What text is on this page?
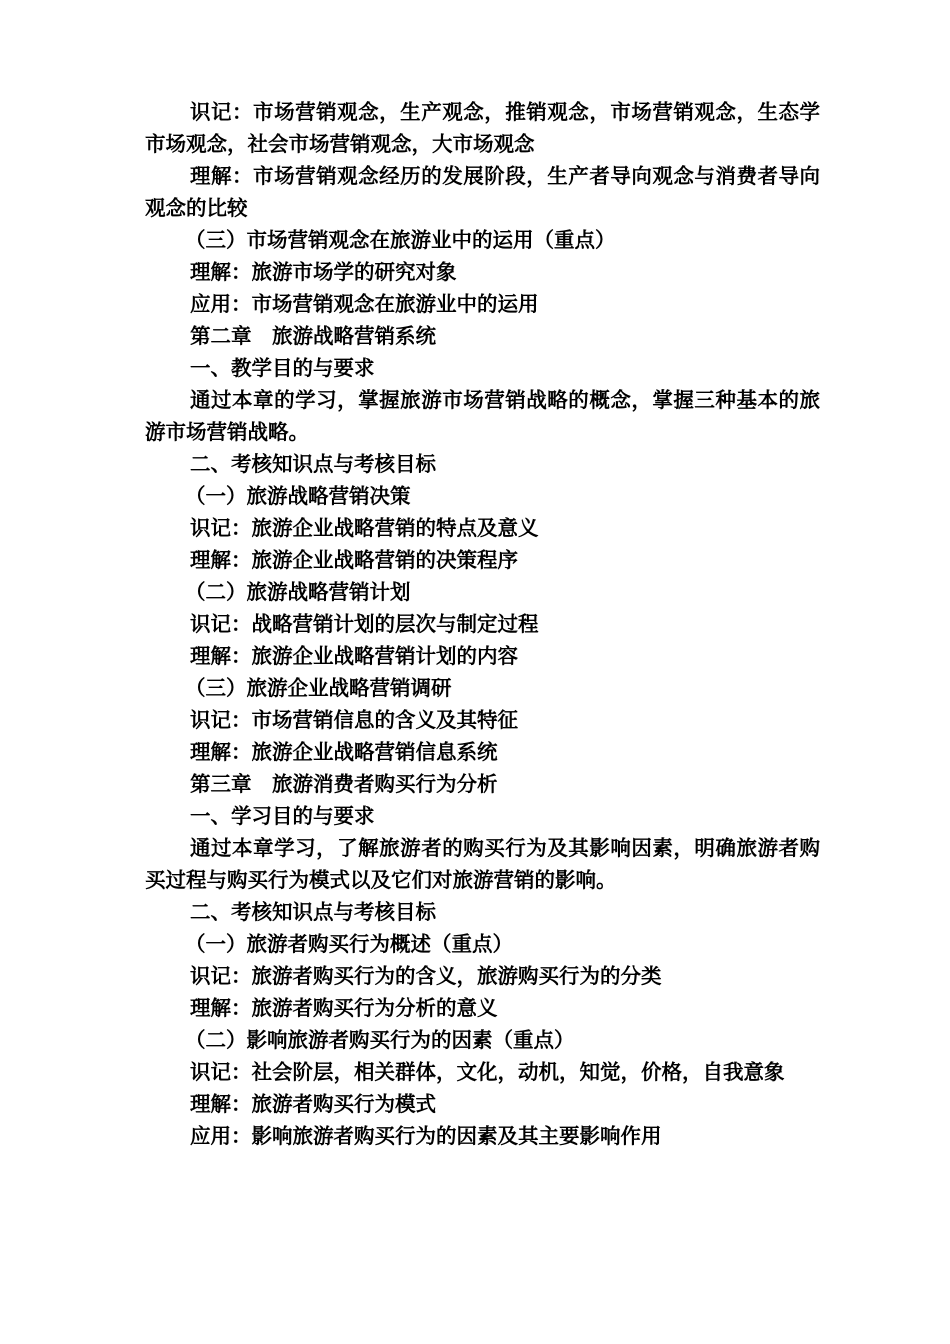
识记：市场营销观念，生产观念，推销观念，市场营销观念，生态学市场观念，社会市场营销观念，大市场观念

理解：市场营销观念经历的发展阶段，生产者导向观念与消费者导向观念的比较

（三）市场营销观念在旅游业中的运用（重点）

理解：旅游市场学的研究对象

应用：市场营销观念在旅游业中的运用

第二章　旅游战略营销系统

一、教学目的与要求

通过本章的学习，掌握旅游市场营销战略的概念，掌握三种基本的旅游市场营销战略。

二、考核知识点与考核目标

（一）旅游战略营销决策

识记：旅游企业战略营销的特点及意义

理解：旅游企业战略营销的决策程序

（二）旅游战略营销计划

识记：战略营销计划的层次与制定过程

理解：旅游企业战略营销计划的内容

（三）旅游企业战略营销调研

识记：市场营销信息的含义及其特征

理解：旅游企业战略营销信息系统

第三章　旅游消费者购买行为分析

一、学习目的与要求

通过本章学习，了解旅游者的购买行为及其影响因素，明确旅游者购买过程与购买行为模式以及它们对旅游营销的影响。

二、考核知识点与考核目标

（一）旅游者购买行为概述（重点）

识记：旅游者购买行为的含义，旅游购买行为的分类

理解：旅游者购买行为分析的意义

（二）影响旅游者购买行为的因素（重点）

识记：社会阶层，相关群体，文化，动机，知觉，价格，自我意象

理解：旅游者购买行为模式

应用：影响旅游者购买行为的因素及其主要影响作用
